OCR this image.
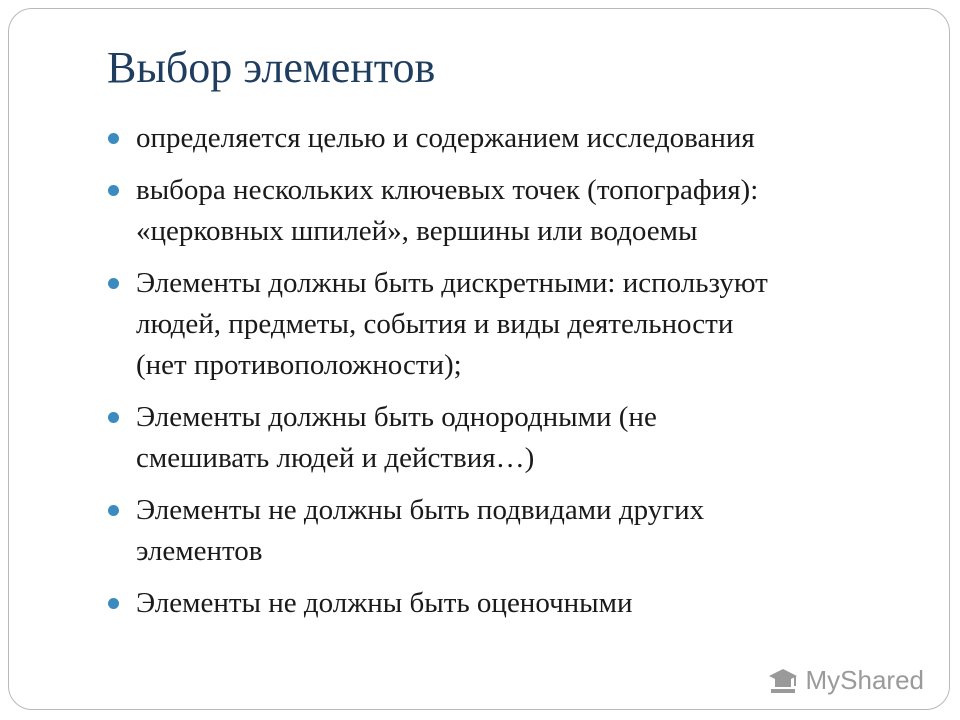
Выбор элементов
определяется целью и содержанием исследования
выбора нескольких ключевых точек (топография):
«церковных шпилей», вершины или водоемы
Элементы должны быть дискретными: используют
людей, предметы, события и виды деятельности
(нет противоположности);
Элементы должны быть однородными (не
смешивать людей и действия…)
Элементы не должны быть подвидами других
элементов
Элементы не должны быть оценочными
MyShared
